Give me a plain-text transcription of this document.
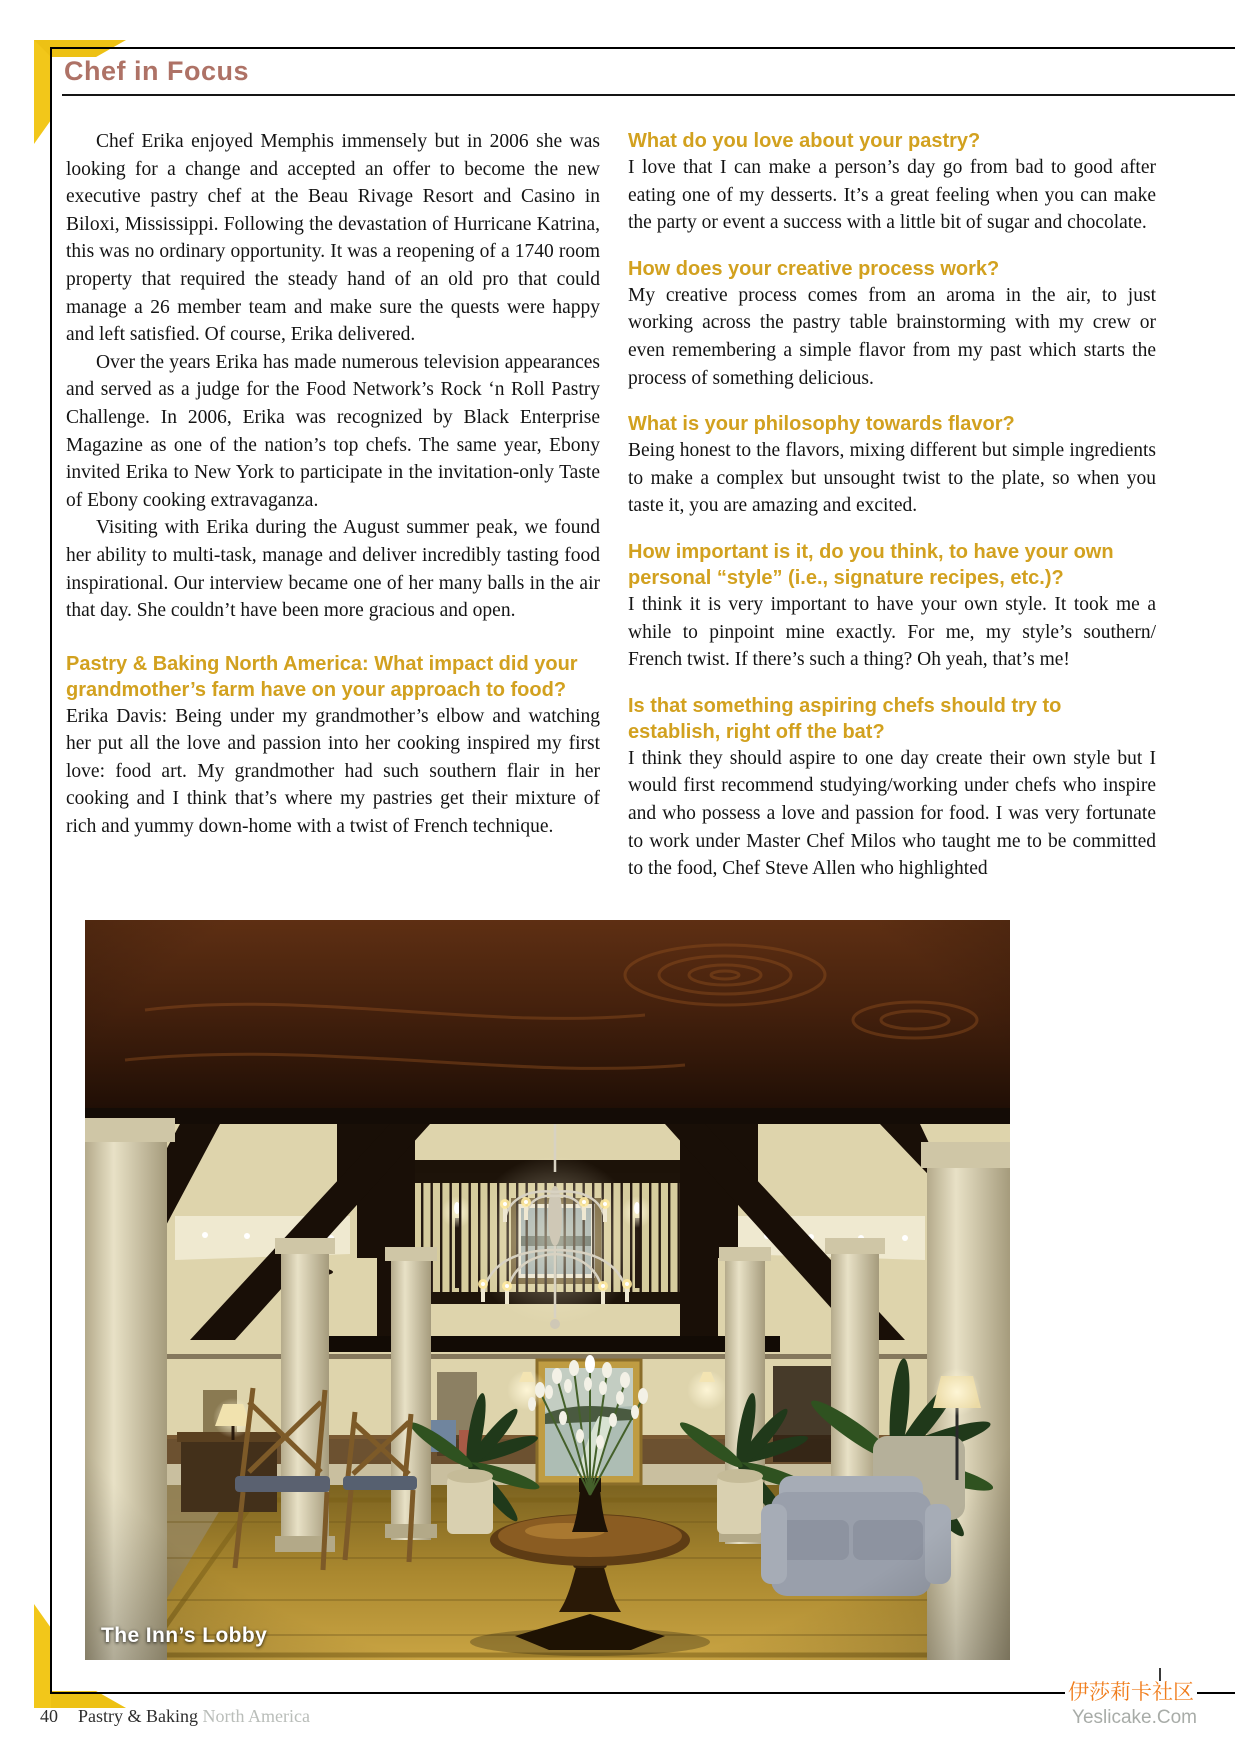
Chef in Focus

Chef Erika enjoyed Memphis immensely but in 2006 she was looking for a change and accepted an offer to become the new executive pastry chef at the Beau Rivage Resort and Casino in Biloxi, Mississippi. Following the devastation of Hurricane Katrina, this was no ordinary opportunity. It was a reopening of a 1740 room property that required the steady hand of an old pro that could manage a 26 member team and make sure the quests were happy and left satisfied. Of course, Erika delivered.

Over the years Erika has made numerous television appearances and served as a judge for the Food Network’s Rock ‘n Roll Pastry Challenge. In 2006, Erika was recognized by Black Enterprise Magazine as one of the nation’s top chefs. The same year, Ebony invited Erika to New York to participate in the invitation-only Taste of Ebony cooking extravaganza.

Visiting with Erika during the August summer peak, we found her ability to multi-task, manage and deliver incredibly tasting food inspirational. Our interview became one of her many balls in the air that day. She couldn’t have been more gracious and open.

Pastry & Baking North America: What impact did your grandmother’s farm have on your approach to food?

Erika Davis: Being under my grandmother’s elbow and watching her put all the love and passion into her cooking inspired my first love: food art. My grandmother had such southern flair in her cooking and I think that’s where my pastries get their mixture of rich and yummy down-home with a twist of French technique.

What do you love about your pastry?

I love that I can make a person’s day go from bad to good after eating one of my desserts. It’s a great feeling when you can make the party or event a success with a little bit of sugar and chocolate.

How does your creative process work?

My creative process comes from an aroma in the air, to just working across the pastry table brainstorming with my crew or even remembering a simple flavor from my past which starts the process of something delicious.

What is your philosophy towards flavor?

Being honest to the flavors, mixing different but simple ingredients to make a complex but unsought twist to the plate, so when you taste it, you are amazing and excited.

How important is it, do you think, to have your own personal “style” (i.e., signature recipes, etc.)?

I think it is very important to have your own style. It took me a while to pinpoint mine exactly. For me, my style’s southern/ French twist. If there’s such a thing? Oh yeah, that’s me!

Is that something aspiring chefs should try to establish, right off the bat?

I think they should aspire to one day create their own style but I would first recommend studying/working under chefs who inspire and who possess a love and passion for food. I was very fortunate to work under Master Chef Milos who taught me to be committed to the food, Chef Steve Allen who highlighted

The Inn’s Lobby
40 Pastry & Baking North America
伊莎莉卡社区
Yeslicake.Com
